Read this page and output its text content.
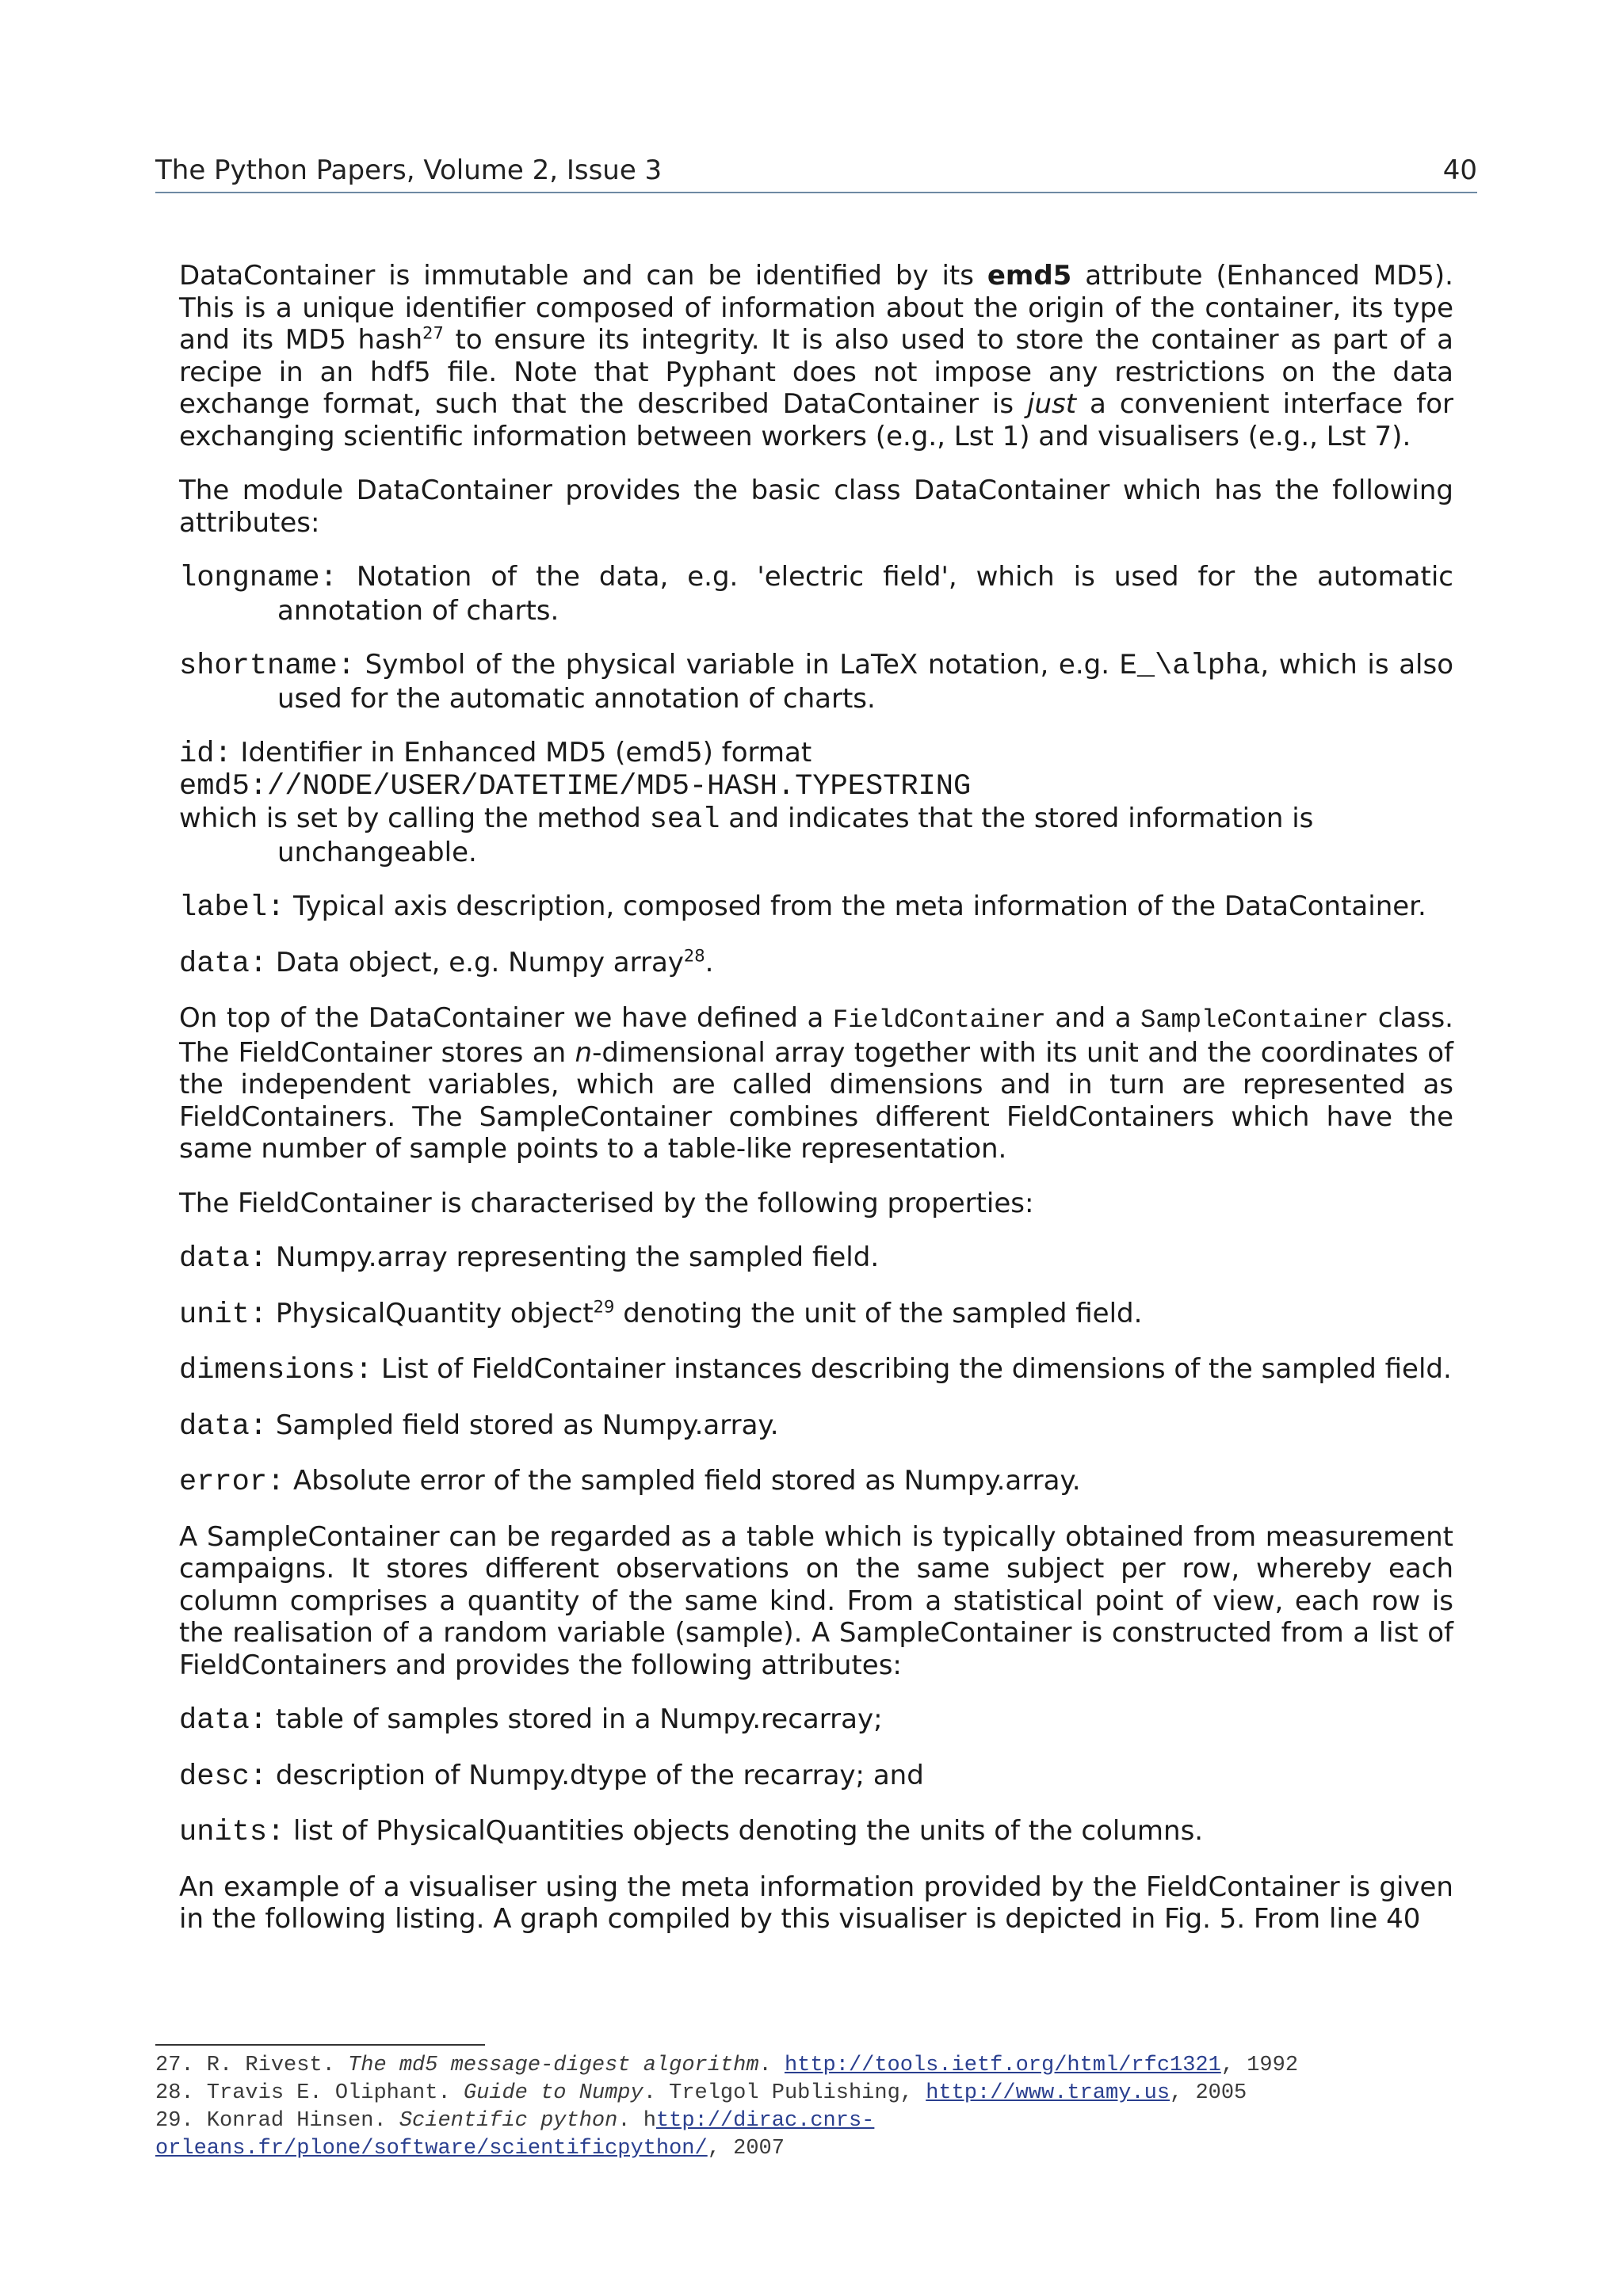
The Python Papers, Volume 2, Issue 3	40

DataContainer is immutable and can be identified by its emd5 attribute (Enhanced MD5). This is a unique identifier composed of information about the origin of the container, its type and its MD5 hash$^{27}$ to ensure its integrity. It is also used to store the container as part of a recipe in an hdf5 file. Note that Pyphant does not impose any restrictions on the data exchange format, such that the described DataContainer is just a convenient interface for exchanging scientific information between workers (e.g., Lst 1) and visualisers (e.g., Lst 7).

The module DataContainer provides the basic class DataContainer which has the following attributes:

longname: Notation of the data, e.g. 'electric field', which is used for the automatic annotation of charts.
shortname: Symbol of the physical variable in LaTeX notation, e.g. E_\alpha, which is also used for the automatic annotation of charts.
id: Identifier in Enhanced MD5 (emd5) format
emd5://NODE/USER/DATETIME/MD5-HASH.TYPESTRING
which is set by calling the method seal and indicates that the stored information is unchangeable.
label: Typical axis description, composed from the meta information of the DataContainer.
data: Data object, e.g. Numpy array$^{28}$.

On top of the DataContainer we have defined a FieldContainer and a SampleContainer class. The FieldContainer stores an n-dimensional array together with its unit and the coordinates of the independent variables, which are called dimensions and in turn are represented as FieldContainers. The SampleContainer combines different FieldContainers which have the same number of sample points to a table-like representation.

The FieldContainer is characterised by the following properties:

data: Numpy.array representing the sampled field.
unit: PhysicalQuantity object$^{29}$ denoting the unit of the sampled field.
dimensions: List of FieldContainer instances describing the dimensions of the sampled field.
data: Sampled field stored as Numpy.array.
error: Absolute error of the sampled field stored as Numpy.array.

A SampleContainer can be regarded as a table which is typically obtained from measurement campaigns. It stores different observations on the same subject per row, whereby each column comprises a quantity of the same kind. From a statistical point of view, each row is the realisation of a random variable (sample). A SampleContainer is constructed from a list of FieldContainers and provides the following attributes:

data: table of samples stored in a Numpy.recarray;
desc: description of Numpy.dtype of the recarray; and
units: list of PhysicalQuantities objects denoting the units of the columns.

An example of a visualiser using the meta information provided by the FieldContainer is given in the following listing. A graph compiled by this visualiser is depicted in Fig. 5. From line 40

27. R. Rivest. The md5 message-digest algorithm. http://tools.ietf.org/html/rfc1321, 1992
28. Travis E. Oliphant. Guide to Numpy. Trelgol Publishing, http://www.tramy.us, 2005
29. Konrad Hinsen. Scientific python. http://dirac.cnrs-
orleans.fr/plone/software/scientificpython/, 2007
